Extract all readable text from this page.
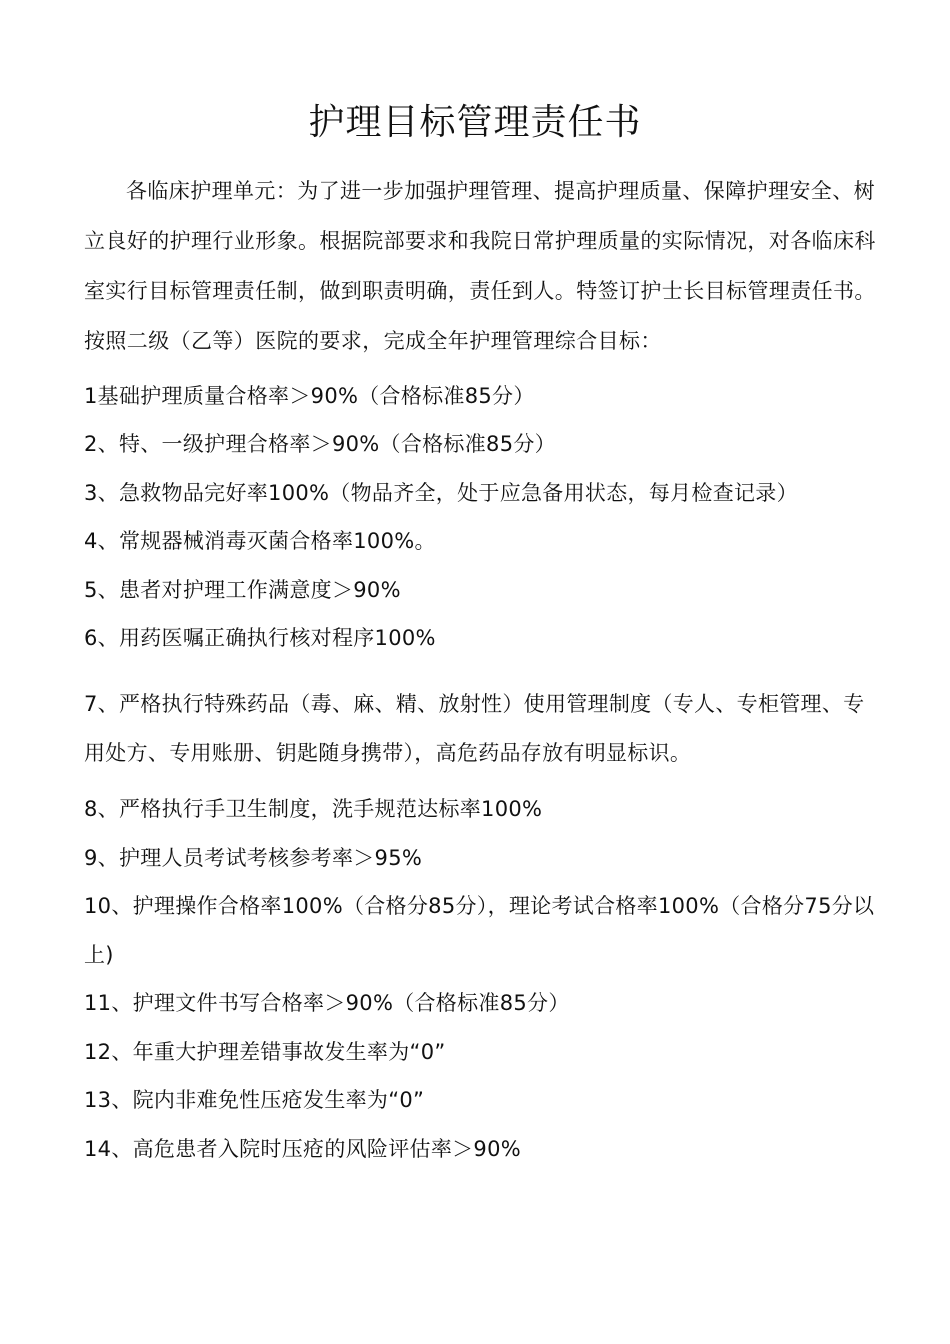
护理目标管理责任书

各临床护理单元：为了进一步加强护理管理、提高护理质量、保障护理安全、树立良好的护理行业形象。根据院部要求和我院日常护理质量的实际情况，对各临床科室实行目标管理责任制，做到职责明确，责任到人。特签订护士长目标管理责任书。

按照二级（乙等）医院的要求，完成全年护理管理综合目标：

1基础护理质量合格率＞90%（合格标准85分）
2、特、一级护理合格率＞90%（合格标准85分）
3、急救物品完好率100%（物品齐全，处于应急备用状态，每月检查记录）
4、常规器械消毒灭菌合格率100%。
5、患者对护理工作满意度＞90%
6、用药医嘱正确执行核对程序100%
7、严格执行特殊药品（毒、麻、精、放射性）使用管理制度（专人、专柜管理、专用处方、专用账册、钥匙随身携带），高危药品存放有明显标识。
8、严格执行手卫生制度，洗手规范达标率100%
9、护理人员考试考核参考率＞95%
10、护理操作合格率100%（合格分85分），理论考试合格率100%（合格分75分以上)
11、护理文件书写合格率＞90%（合格标准85分）
12、年重大护理差错事故发生率为“0”
13、院内非难免性压疮发生率为“0”
14、高危患者入院时压疮的风险评估率＞90%
